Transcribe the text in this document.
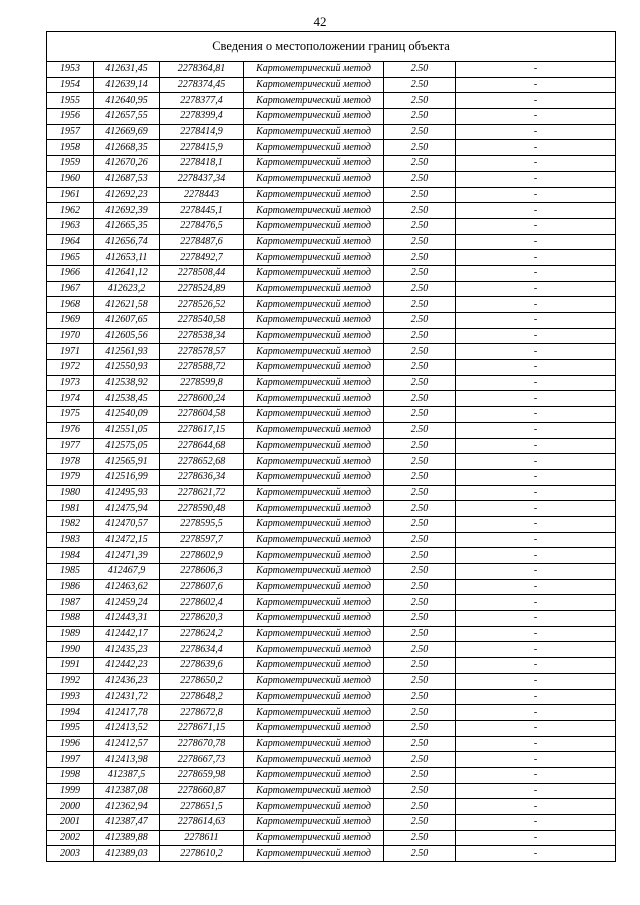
42
Сведения о местоположении границ объекта					
1953	412631,45	2278364,81	Картометрический метод	2.50	-
1954	412639,14	2278374,45	Картометрический метод	2.50	-
1955	412640,95	2278377,4	Картометрический метод	2.50	-
1956	412657,55	2278399,4	Картометрический метод	2.50	-
1957	412669,69	2278414,9	Картометрический метод	2.50	-
1958	412668,35	2278415,9	Картометрический метод	2.50	-
1959	412670,26	2278418,1	Картометрический метод	2.50	-
1960	412687,53	2278437,34	Картометрический метод	2.50	-
1961	412692,23	2278443	Картометрический метод	2.50	-
1962	412692,39	2278445,1	Картометрический метод	2.50	-
1963	412665,35	2278476,5	Картометрический метод	2.50	-
1964	412656,74	2278487,6	Картометрический метод	2.50	-
1965	412653,11	2278492,7	Картометрический метод	2.50	-
1966	412641,12	2278508,44	Картометрический метод	2.50	-
1967	412623,2	2278524,89	Картометрический метод	2.50	-
1968	412621,58	2278526,52	Картометрический метод	2.50	-
1969	412607,65	2278540,58	Картометрический метод	2.50	-
1970	412605,56	2278538,34	Картометрический метод	2.50	-
1971	412561,93	2278578,57	Картометрический метод	2.50	-
1972	412550,93	2278588,72	Картометрический метод	2.50	-
1973	412538,92	2278599,8	Картометрический метод	2.50	-
1974	412538,45	2278600,24	Картометрический метод	2.50	-
1975	412540,09	2278604,58	Картометрический метод	2.50	-
1976	412551,05	2278617,15	Картометрический метод	2.50	-
1977	412575,05	2278644,68	Картометрический метод	2.50	-
1978	412565,91	2278652,68	Картометрический метод	2.50	-
1979	412516,99	2278636,34	Картометрический метод	2.50	-
1980	412495,93	2278621,72	Картометрический метод	2.50	-
1981	412475,94	2278590,48	Картометрический метод	2.50	-
1982	412470,57	2278595,5	Картометрический метод	2.50	-
1983	412472,15	2278597,7	Картометрический метод	2.50	-
1984	412471,39	2278602,9	Картометрический метод	2.50	-
1985	412467,9	2278606,3	Картометрический метод	2.50	-
1986	412463,62	2278607,6	Картометрический метод	2.50	-
1987	412459,24	2278602,4	Картометрический метод	2.50	-
1988	412443,31	2278620,3	Картометрический метод	2.50	-
1989	412442,17	2278624,2	Картометрический метод	2.50	-
1990	412435,23	2278634,4	Картометрический метод	2.50	-
1991	412442,23	2278639,6	Картометрический метод	2.50	-
1992	412436,23	2278650,2	Картометрический метод	2.50	-
1993	412431,72	2278648,2	Картометрический метод	2.50	-
1994	412417,78	2278672,8	Картометрический метод	2.50	-
1995	412413,52	2278671,15	Картометрический метод	2.50	-
1996	412412,57	2278670,78	Картометрический метод	2.50	-
1997	412413,98	2278667,73	Картометрический метод	2.50	-
1998	412387,5	2278659,98	Картометрический метод	2.50	-
1999	412387,08	2278660,87	Картометрический метод	2.50	-
2000	412362,94	2278651,5	Картометрический метод	2.50	-
2001	412387,47	2278614,63	Картометрический метод	2.50	-
2002	412389,88	2278611	Картометрический метод	2.50	-
2003	412389,03	2278610,2	Картометрический метод	2.50	-
